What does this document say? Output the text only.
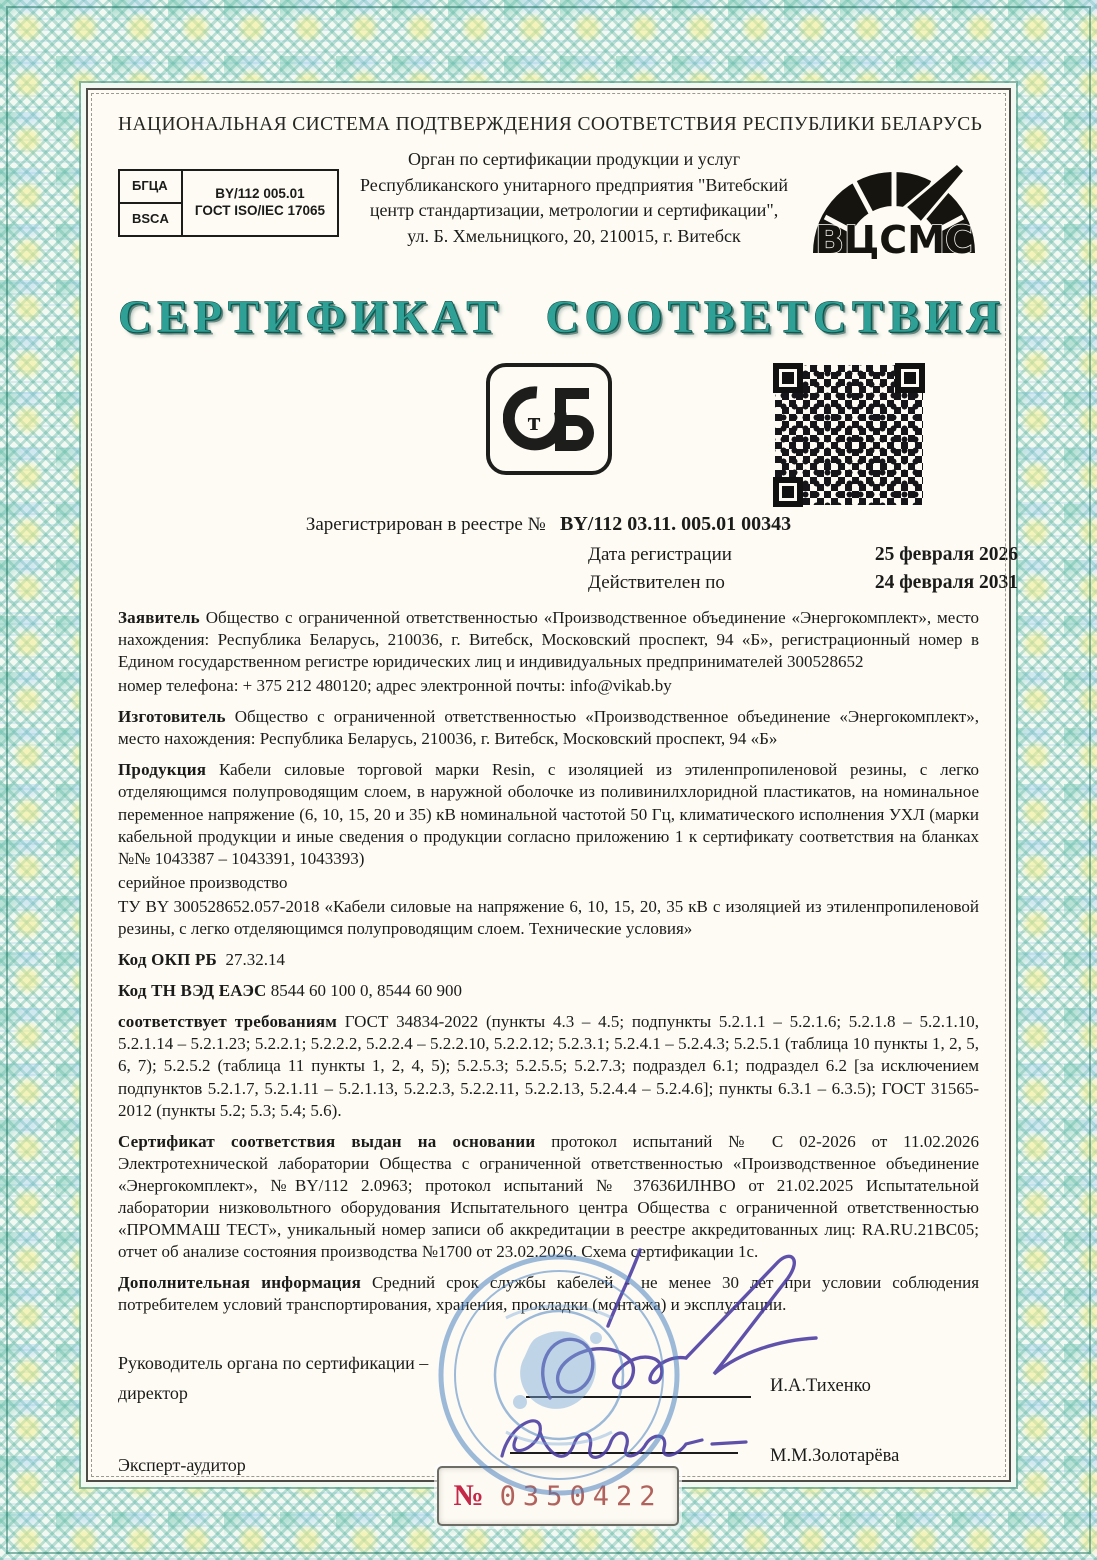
НАЦИОНАЛЬНАЯ СИСТЕМА ПОДТВЕРЖДЕНИЯ СООТВЕТСТВИЯ РЕСПУБЛИКИ БЕЛАРУСЬ
БГЦА
BSCA
BY/112 005.01
ГОСТ ISO/IEC 17065
Орган по сертификации продукции и услуг
Республиканского унитарного предприятия "Витебский
центр стандартизации, метрологии и сертификации",
ул. Б. Хмельницкого, 20, 210015, г. Витебск	ВЦСМС
СЕРТИФИКАТ СООТВЕТСТВИЯ
т
Зарегистрирован в реестре № BY/112 03.11. 005.01 00343
Дата регистрации	25 февраля 2026
Действителен по	24 февраля 2031

Заявитель Общество с ограниченной ответственностью «Производственное объединение «Энергокомплект», место нахождения: Республика Беларусь, 210036, г. Витебск, Московский проспект, 94 «Б», регистрационный номер в Едином государственном регистре юридических лиц и индивидуальных предпринимателей 300528652

номер телефона: + 375 212 480120; адрес электронной почты: info@vikab.by

Изготовитель Общество с ограниченной ответственностью «Производственное объединение «Энергокомплект», место нахождения: Республика Беларусь, 210036, г. Витебск, Московский проспект, 94 «Б»

Продукция Кабели силовые торговой марки Resin, с изоляцией из этиленпропиленовой резины, с легко отделяющимся полупроводящим слоем, в наружной оболочке из поливинилхлоридной пластикатов, на номинальное переменное напряжение (6, 10, 15, 20 и 35) кВ номинальной частотой 50 Гц, климатического исполнения УХЛ (марки кабельной продукции и иные сведения о продукции согласно приложению 1 к сертификату соответствия на бланках №№ 1043387 – 1043391, 1043393)

серийное производство
ТУ BY 300528652.057-2018 «Кабели силовые на напряжение 6, 10, 15, 20, 35 кВ с изоляцией из этиленпропиленовой резины, с легко отделяющимся полупроводящим слоем. Технические условия»

Код ОКП РБ 27.32.14

Код ТН ВЭД ЕАЭС 8544 60 100 0, 8544 60 900

соответствует требованиям ГОСТ 34834-2022 (пункты 4.3 – 4.5; подпункты 5.2.1.1 – 5.2.1.6; 5.2.1.8 – 5.2.1.10, 5.2.1.14 – 5.2.1.23; 5.2.2.1; 5.2.2.2, 5.2.2.4 – 5.2.2.10, 5.2.2.12; 5.2.3.1; 5.2.4.1 – 5.2.4.3; 5.2.5.1 (таблица 10 пункты 1, 2, 5, 6, 7); 5.2.5.2 (таблица 11 пункты 1, 2, 4, 5); 5.2.5.3; 5.2.5.5; 5.2.7.3; подраздел 6.1; подраздел 6.2 [за исключением подпунктов 5.2.1.7, 5.2.1.11 – 5.2.1.13, 5.2.2.3, 5.2.2.11, 5.2.2.13, 5.2.4.4 – 5.2.4.6]; пункты 6.3.1 – 6.3.5); ГОСТ 31565-2012 (пункты 5.2; 5.3; 5.4; 5.6).

Сертификат соответствия выдан на основании протокол испытаний № С 02-2026 от 11.02.2026 Электротехнической лаборатории Общества с ограниченной ответственностью «Производственное объединение «Энергокомплект», №BY/112 2.0963; протокол испытаний № 37636ИЛНВО от 21.02.2025 Испытательной лаборатории низковольтного оборудования Испытательного центра Общества с ограниченной ответственностью «ПРОММАШ ТЕСТ», уникальный номер записи об аккредитации в реестре аккредитованных лиц: RA.RU.21BC05; отчет об анализе состояния производства №1700 от 23.02.2026. Схема сертификации 1с.

Дополнительная информация Средний срок службы кабелей - не менее 30 лет при условии соблюдения потребителем условий транспортирования, хранения, прокладки (монтажа) и эксплуатации.

Руководитель органа по сертификации –
директор
Эксперт-аудитор
И.А.Тихенко
М.М.Золотарёва
№ 0350422
